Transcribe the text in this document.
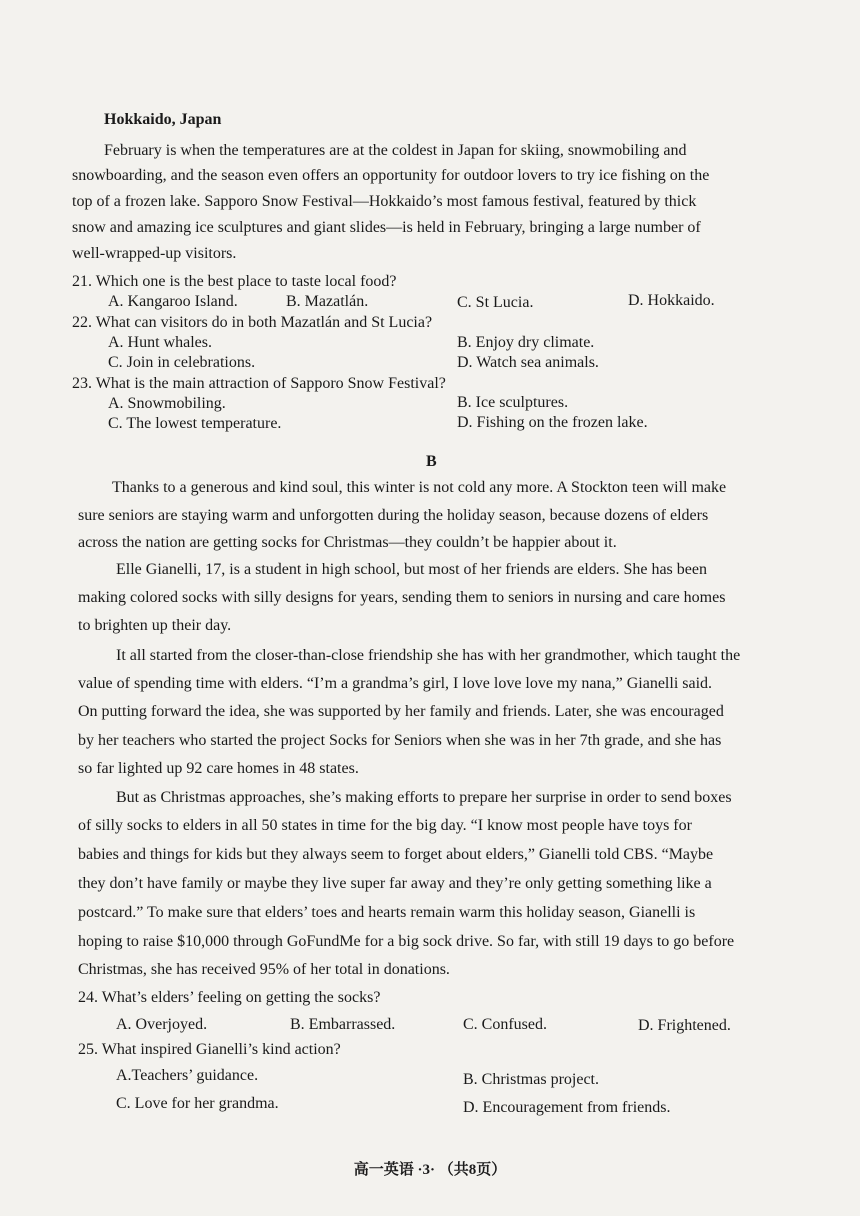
Hokkaido, Japan
February is when the temperatures are at the coldest in Japan for skiing, snowmobiling and
snowboarding, and the season even offers an opportunity for outdoor lovers to try ice fishing on the
top of a frozen lake. Sapporo Snow Festival—Hokkaido’s most famous festival, featured by thick
snow and amazing ice sculptures and giant slides—is held in February, bringing a large number of
well-wrapped-up visitors.
21. Which one is the best place to taste local food?
A. Kangaroo Island.	B. Mazatlán.	C. St Lucia.	D. Hokkaido.
22. What can visitors do in both Mazatlán and St Lucia?
A. Hunt whales.	B. Enjoy dry climate.
C. Join in celebrations.	D. Watch sea animals.
23. What is the main attraction of Sapporo Snow Festival?
A. Snowmobiling.	B. Ice sculptures.
C. The lowest temperature.	D. Fishing on the frozen lake.
B
Thanks to a generous and kind soul, this winter is not cold any more. A Stockton teen will make
sure seniors are staying warm and unforgotten during the holiday season, because dozens of elders
across the nation are getting socks for Christmas—they couldn’t be happier about it.
Elle Gianelli, 17, is a student in high school, but most of her friends are elders. She has been
making colored socks with silly designs for years, sending them to seniors in nursing and care homes
to brighten up their day.
It all started from the closer-than-close friendship she has with her grandmother, which taught the
value of spending time with elders. “I’m a grandma’s girl, I love love love my nana,” Gianelli said.
On putting forward the idea, she was supported by her family and friends. Later, she was encouraged
by her teachers who started the project Socks for Seniors when she was in her 7th grade, and she has
so far lighted up 92 care homes in 48 states.
But as Christmas approaches, she’s making efforts to prepare her surprise in order to send boxes
of silly socks to elders in all 50 states in time for the big day. “I know most people have toys for
babies and things for kids but they always seem to forget about elders,” Gianelli told CBS. “Maybe
they don’t have family or maybe they live super far away and they’re only getting something like a
postcard.” To make sure that elders’ toes and hearts remain warm this holiday season, Gianelli is
hoping to raise $10,000 through GoFundMe for a big sock drive. So far, with still 19 days to go before
Christmas, she has received 95% of her total in donations.
24. What’s elders’ feeling on getting the socks?
A. Overjoyed.	B. Embarrassed.	C. Confused.	D. Frightened.
25. What inspired Gianelli’s kind action?
A.Teachers’ guidance.	B. Christmas project.
C. Love for her grandma.	D. Encouragement from friends.
高一英语 ·3· （共8页）
